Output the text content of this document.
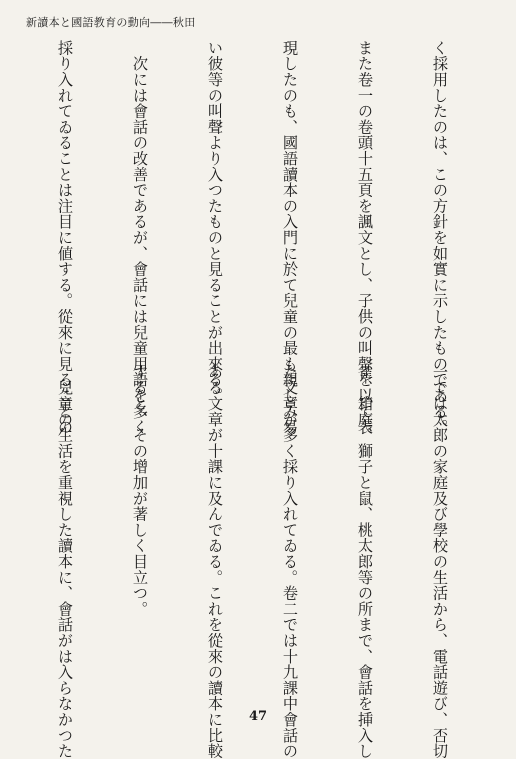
新讀本と國語教育の動向――秋田

く採用したのは、この方針を如實に示したものである。

また卷一の卷頭十五頁を諷文とし、子供の叫聲を以て表

現したのも、國語讀本の入門に於て兒童の最も親しみ易

い彼等の叫聲より入つたものと見ることが出來る。

　次には會話の改善であるが、會話には兒童用語を多く

採り入れてゐることは注目に値する。從來に見ることの

一では太郎の家庭及び學校の生活から、電話遊び、否切

雀、箱庭、獅子と鼠、桃太郎等の所まで、會話を挿入し

た文章が多く採り入れてゐる。卷二では十九課中會話の

ある文章が十課に及んでゐる。これを從來の讀本に比較

すると、その增加が著しく目立つ。

　兒童の生活を重視した讀本に、會話がは入らなかつた

	47
